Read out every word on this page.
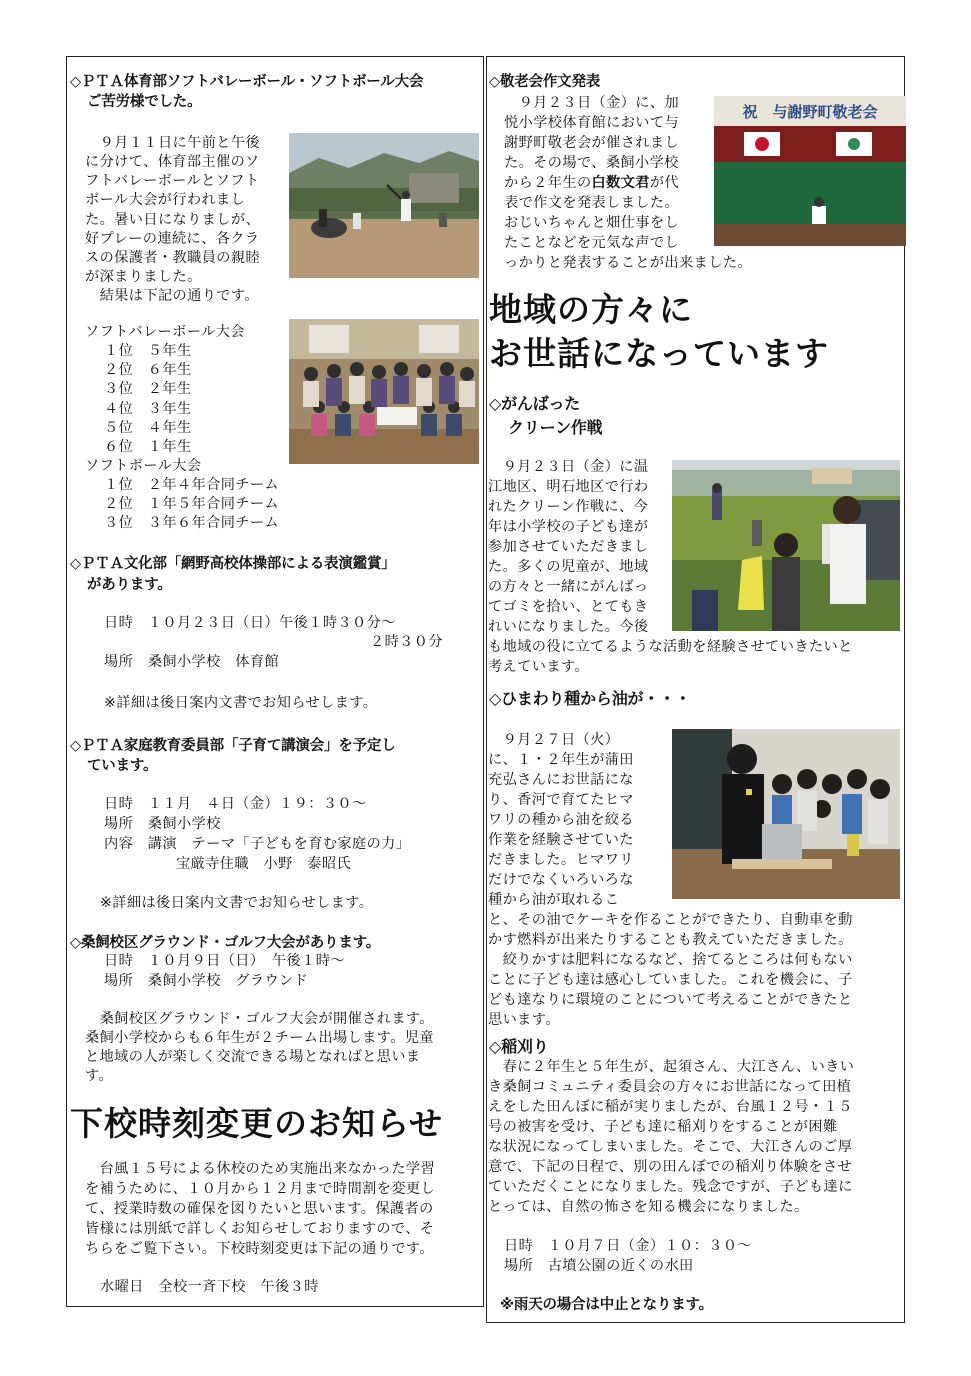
◇ＰＴＡ体育部ソフトバレーボール・ソフトボール大会
ご苦労様でした。
　９月１１日に午前と午後
に分けて、体育部主催のソ
フトバレーボールとソフト
ボール大会が行われまし
た。暑い日になりましが、
好プレーの連続に、各クラ
スの保護者・教職員の親睦
が深まりました。
　結果は下記の通りです。
ソフトバレーボール大会
１位　５年生
２位　６年生
３位　２年生
４位　３年生
５位　４年生
６位　１年生
ソフトボール大会
１位　２年４年合同チーム
２位　１年５年合同チーム
３位　３年６年合同チーム
◇ＰＴＡ文化部「網野高校体操部による表演鑑賞」
があります。
日時　１０月２３日（日）午後１時３０分～
２時３０分
場所　桑飼小学校　体育館
※詳細は後日案内文書でお知らせします。
◇ＰＴＡ家庭教育委員部「子育て講演会」を予定し
ています。
日時　１１月　４日（金）１９：３０～
場所　桑飼小学校
内容　講演　テーマ「子どもを育む家庭の力」
宝厳寺住職　小野　泰昭氏
※詳細は後日案内文書でお知らせします。
◇桑飼校区グラウンド・ゴルフ大会があります。
日時　１０月９日（日）　午後１時～
場所　桑飼小学校　グラウンド
　桑飼校区グラウンド・ゴルフ大会が開催されます。
桑飼小学校からも６年生が２チーム出場します。児童
と地域の人が楽しく交流できる場となればと思いま
す。
下校時刻変更のお知らせ
　台風１５号による休校のため実施出来なかった学習
を補うために、１０月から１２月まで時間割を変更し
て、授業時数の確保を図りたいと思います。保護者の
皆様には別紙で詳しくお知らせしておりますので、そ
ちらをご覧下さい。下校時刻変更は下記の通りです。
水曜日　全校一斉下校　午後３時
◇敬老会作文発表
　９月２３日（金）に、加
悦小学校体育館において与
謝野町敬老会が催されまし
た。その場で、桑飼小学校
から２年生の白数文君が代
表で作文を発表しました。
おじいちゃんと畑仕事をし
たことなどを元気な声でし
っかりと発表することが出来ました。
祝　与謝野町敬老会
地域の方々に
お世話になっています
◇がんばった
クリーン作戦
　９月２３日（金）に温
江地区、明石地区で行わ
れたクリーン作戦に、今
年は小学校の子ども達が
参加させていただきまし
た。多くの児童が、地域
の方々と一緒にがんばっ
てゴミを拾い、とてもき
れいになりました。今後
も地域の役に立てるような活動を経験させていきたいと
考えています。
◇ひまわり種から油が・・・
　９月２７日（火）
に、１・２年生が蒲田
充弘さんにお世話にな
り、香河で育てたヒマ
ワリの種から油を絞る
作業を経験させていた
だきました。ヒマワリ
だけでなくいろいろな
種から油が取れるこ
と、その油でケーキを作ることができたり、自動車を動
かす燃料が出来たりすることも教えていただきました。
　絞りかすは肥料になるなど、捨てるところは何もない
ことに子ども達は感心していました。これを機会に、子
ども達なりに環境のことについて考えることができたと
思います。
◇稲刈り
　春に２年生と５年生が、起須さん、大江さん、いきい
き桑飼コミュニティ委員会の方々にお世話になって田植
えをした田んぼに稲が実りましたが、台風１２号・１５
号の被害を受け、子ども達に稲刈りをすることが困難
な状況になってしまいました。そこで、大江さんのご厚
意で、下記の日程で、別の田んぼでの稲刈り体験をさせ
ていただくことになりました。残念ですが、子ども達に
とっては、自然の怖さを知る機会になりました。
日時　１０月７日（金）１０：３０～
場所　古墳公園の近くの水田
※雨天の場合は中止となります。
